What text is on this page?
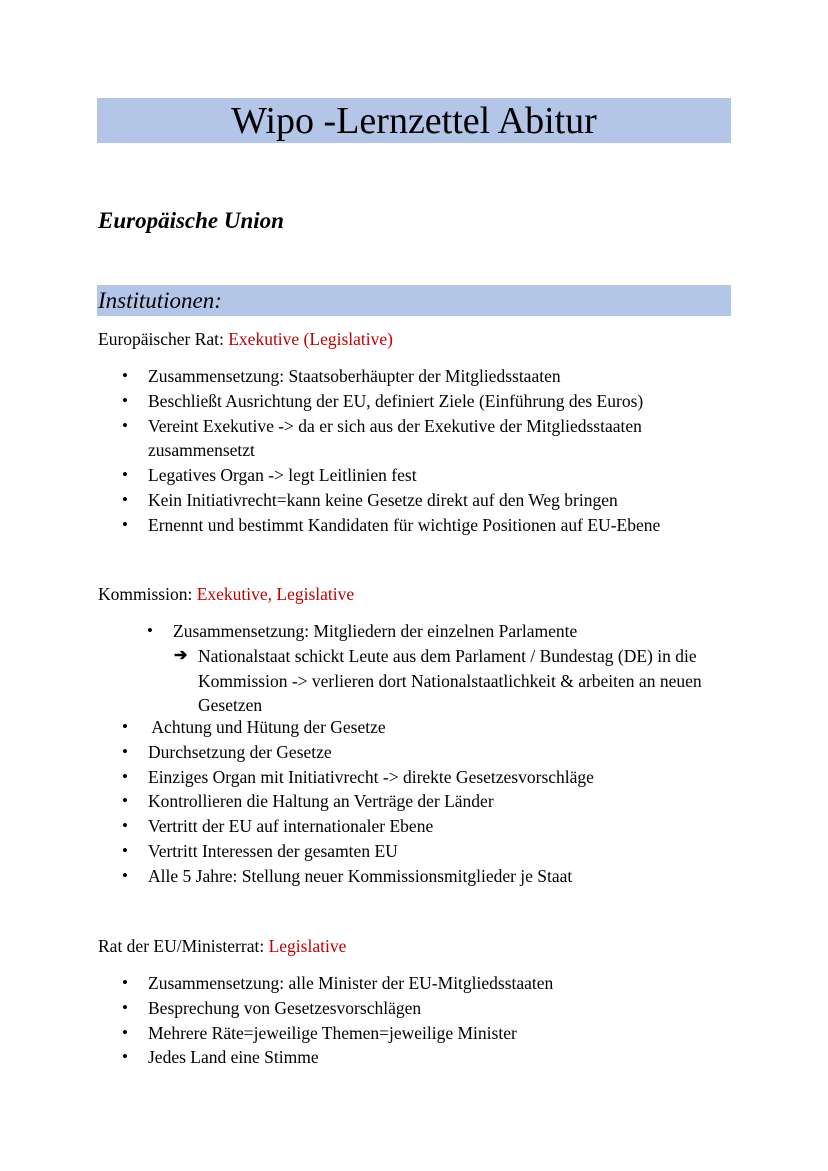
Wipo -Lernzettel Abitur
Europäische Union
Institutionen:
Europäischer Rat: Exekutive (Legislative)
• Zusammensetzung: Staatsoberhäupter der Mitgliedsstaaten
• Beschließt Ausrichtung der EU, definiert Ziele (Einführung des Euros)
• Vereint Exekutive -> da er sich aus der Exekutive der Mitgliedsstaaten zusammensetzt
• Legatives Organ -> legt Leitlinien fest
• Kein Initiativrecht=kann keine Gesetze direkt auf den Weg bringen
• Ernennt und bestimmt Kandidaten für wichtige Positionen auf EU-Ebene
Kommission: Exekutive, Legislative
• Zusammensetzung: Mitgliedern der einzelnen Parlamente
➔ Nationalstaat schickt Leute aus dem Parlament / Bundestag (DE) in die Kommission -> verlieren dort Nationalstaatlichkeit & arbeiten an neuen Gesetzen
•  Achtung und Hütung der Gesetze
• Durchsetzung der Gesetze
• Einziges Organ mit Initiativrecht -> direkte Gesetzesvorschläge
• Kontrollieren die Haltung an Verträge der Länder
• Vertritt der EU auf internationaler Ebene
• Vertritt Interessen der gesamten EU
• Alle 5 Jahre: Stellung neuer Kommissionsmitglieder je Staat
Rat der EU/Ministerrat: Legislative
• Zusammensetzung: alle Minister der EU-Mitgliedsstaaten
• Besprechung von Gesetzesvorschlägen
• Mehrere Räte=jeweilige Themen=jeweilige Minister
• Jedes Land eine Stimme
